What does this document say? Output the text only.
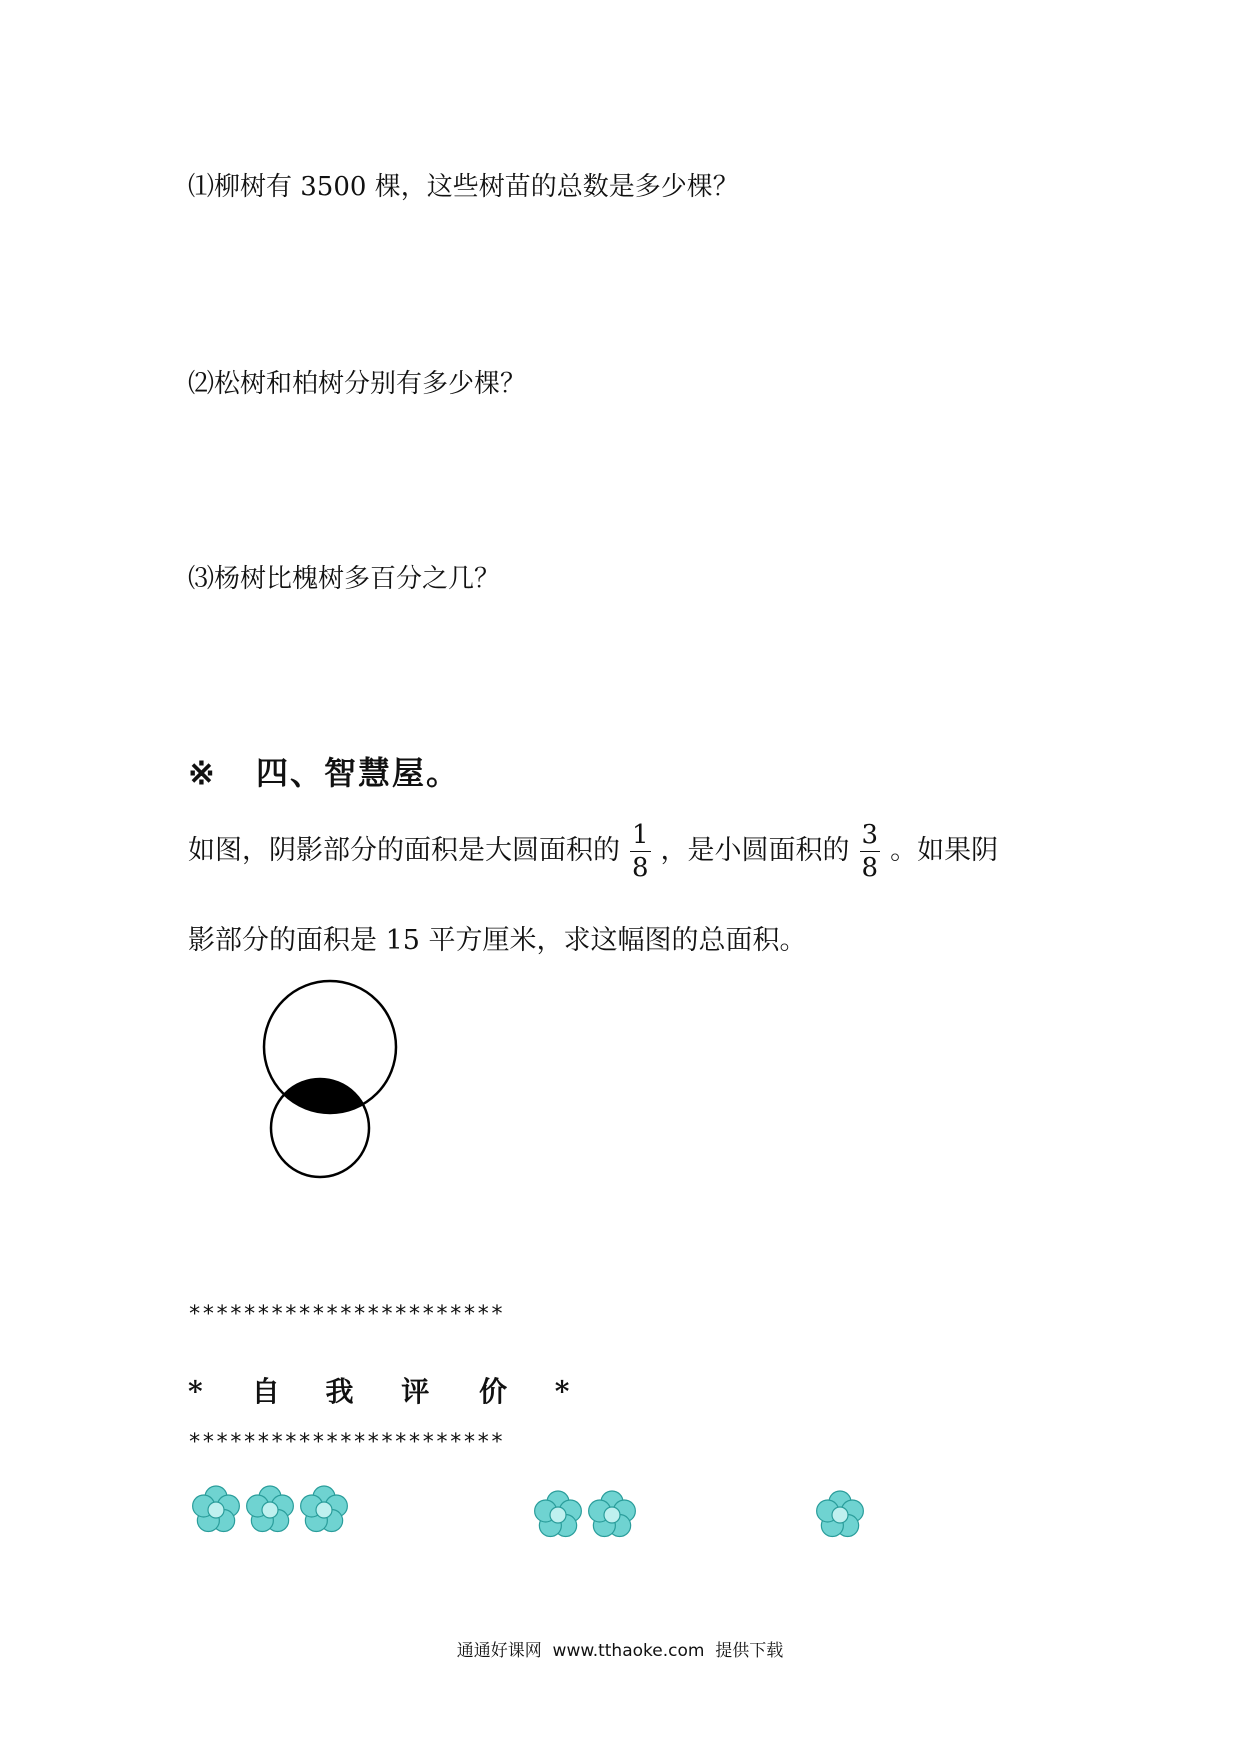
⑴柳树有 3500 棵，这些树苗的总数是多少棵？
⑵松树和柏树分别有多少棵？
⑶杨树比槐树多百分之几？
※ 四、智慧屋。
如图，阴影部分的面积是大圆面积的 $\frac{1}{8}$ ，是小圆面积的 $\frac{3}{8}$ 。如果阴
影部分的面积是 15 平方厘米，求这幅图的总面积。
***********************
* 自 我 评 价 *
***********************
通通好课网  www.tthaoke.com  提供下载
